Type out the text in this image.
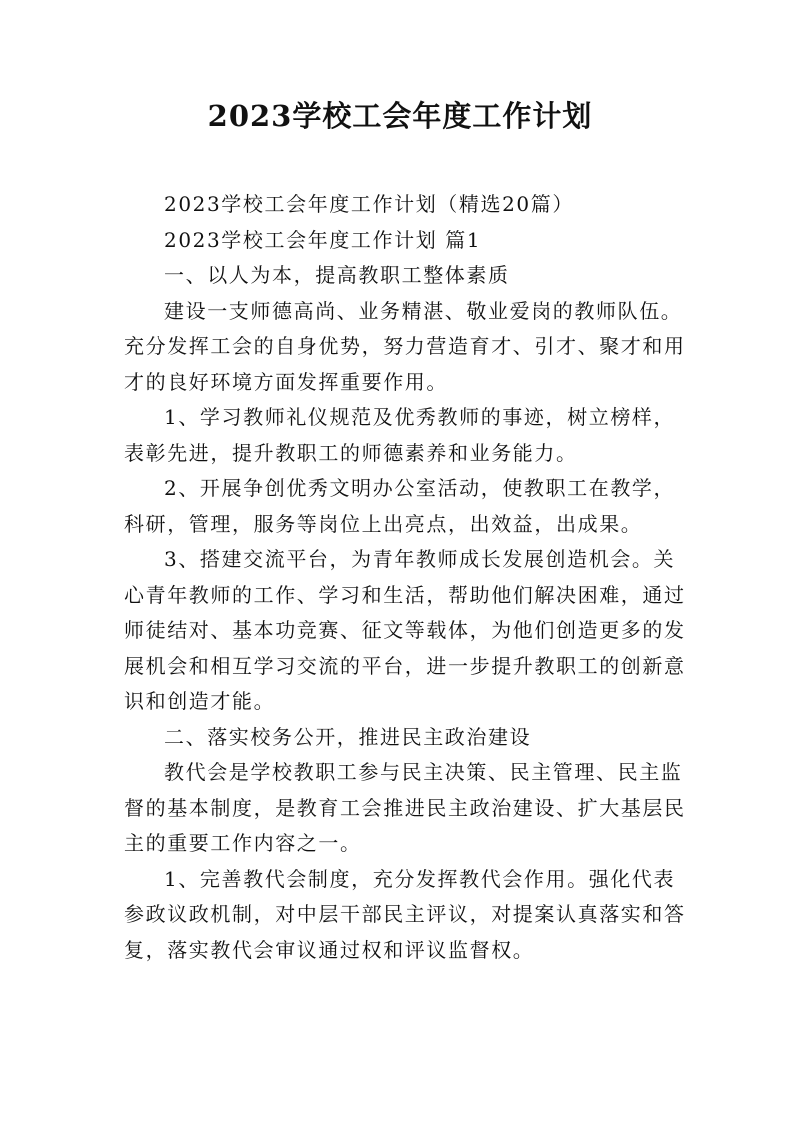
2023学校工会年度工作计划

2023学校工会年度工作计划（精选20篇）

2023学校工会年度工作计划 篇1

一、以人为本，提高教职工整体素质

建设一支师德高尚、业务精湛、敬业爱岗的教师队伍。充分发挥工会的自身优势，努力营造育才、引才、聚才和用才的良好环境方面发挥重要作用。

1、学习教师礼仪规范及优秀教师的事迹，树立榜样，表彰先进，提升教职工的师德素养和业务能力。

2、开展争创优秀文明办公室活动，使教职工在教学，科研，管理，服务等岗位上出亮点，出效益，出成果。

3、搭建交流平台，为青年教师成长发展创造机会。关心青年教师的工作、学习和生活，帮助他们解决困难，通过师徒结对、基本功竞赛、征文等载体，为他们创造更多的发展机会和相互学习交流的平台，进一步提升教职工的创新意识和创造才能。

二、落实校务公开，推进民主政治建设

教代会是学校教职工参与民主决策、民主管理、民主监督的基本制度，是教育工会推进民主政治建设、扩大基层民主的重要工作内容之一。

1、完善教代会制度，充分发挥教代会作用。强化代表参政议政机制，对中层干部民主评议，对提案认真落实和答复，落实教代会审议通过权和评议监督权。
